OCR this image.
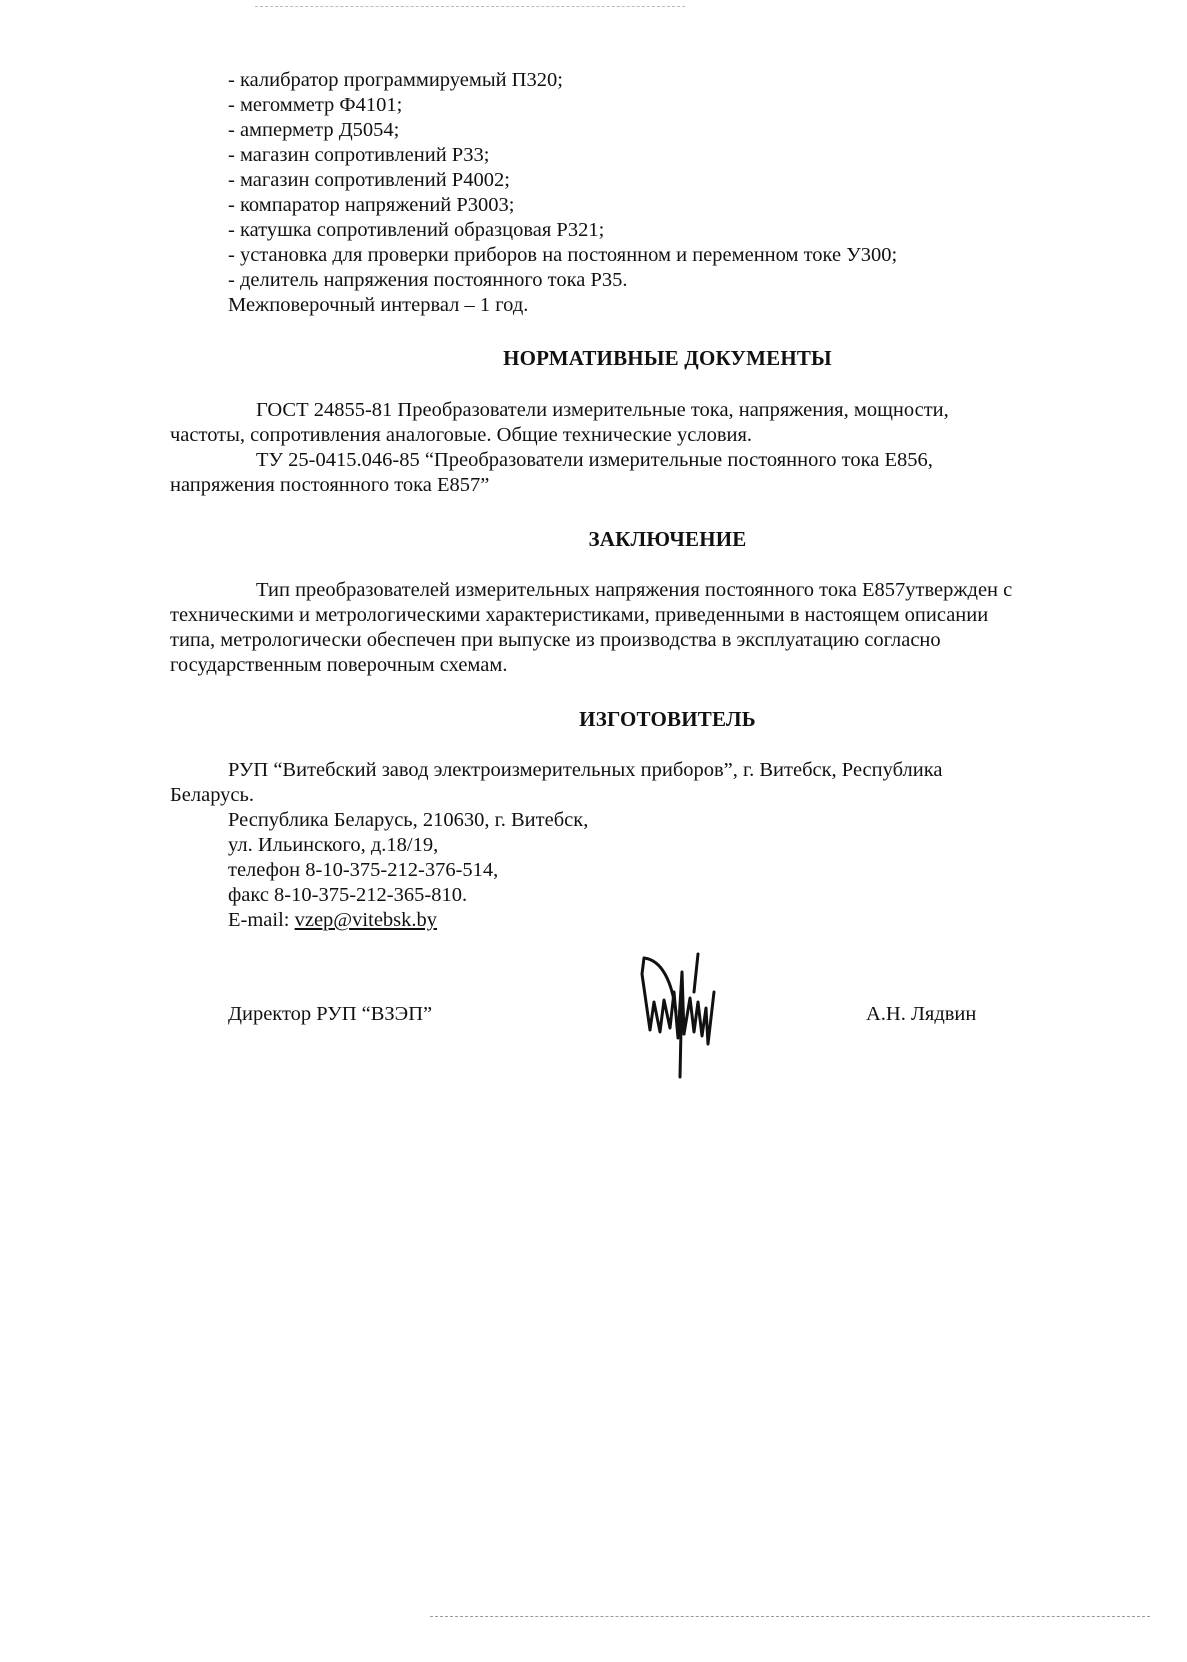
- калибратор программируемый П320;
- мегомметр Ф4101;
- амперметр Д5054;
- магазин сопротивлений Р33;
- магазин сопротивлений Р4002;
- компаратор напряжений Р3003;
- катушка сопротивлений образцовая Р321;
- установка для проверки приборов на постоянном и переменном токе У300;
- делитель напряжения постоянного тока Р35.
Межповерочный интервал – 1 год.
НОРМАТИВНЫЕ ДОКУМЕНТЫ
ГОСТ 24855-81 Преобразователи измерительные тока, напряжения, мощности,
частоты, сопротивления аналоговые. Общие технические условия.
ТУ 25-0415.046-85 “Преобразователи измерительные постоянного тока Е856,
напряжения постоянного тока Е857”
ЗАКЛЮЧЕНИЕ
Тип преобразователей измерительных напряжения постоянного тока Е857утвержден с
техническими и метрологическими характеристиками, приведенными в настоящем описании
типа, метрологически обеспечен при выпуске из производства в эксплуатацию согласно
государственным поверочным схемам.
ИЗГОТОВИТЕЛЬ
РУП “Витебский завод электроизмерительных приборов”, г. Витебск, Республика
Беларусь.
Республика Беларусь, 210630, г. Витебск,
ул. Ильинского, д.18/19,
телефон 8-10-375-212-376-514,
факс 8-10-375-212-365-810.
E-mail: vzep@vitebsk.by
Директор РУП “ВЗЭП”	А.Н. Лядвин
